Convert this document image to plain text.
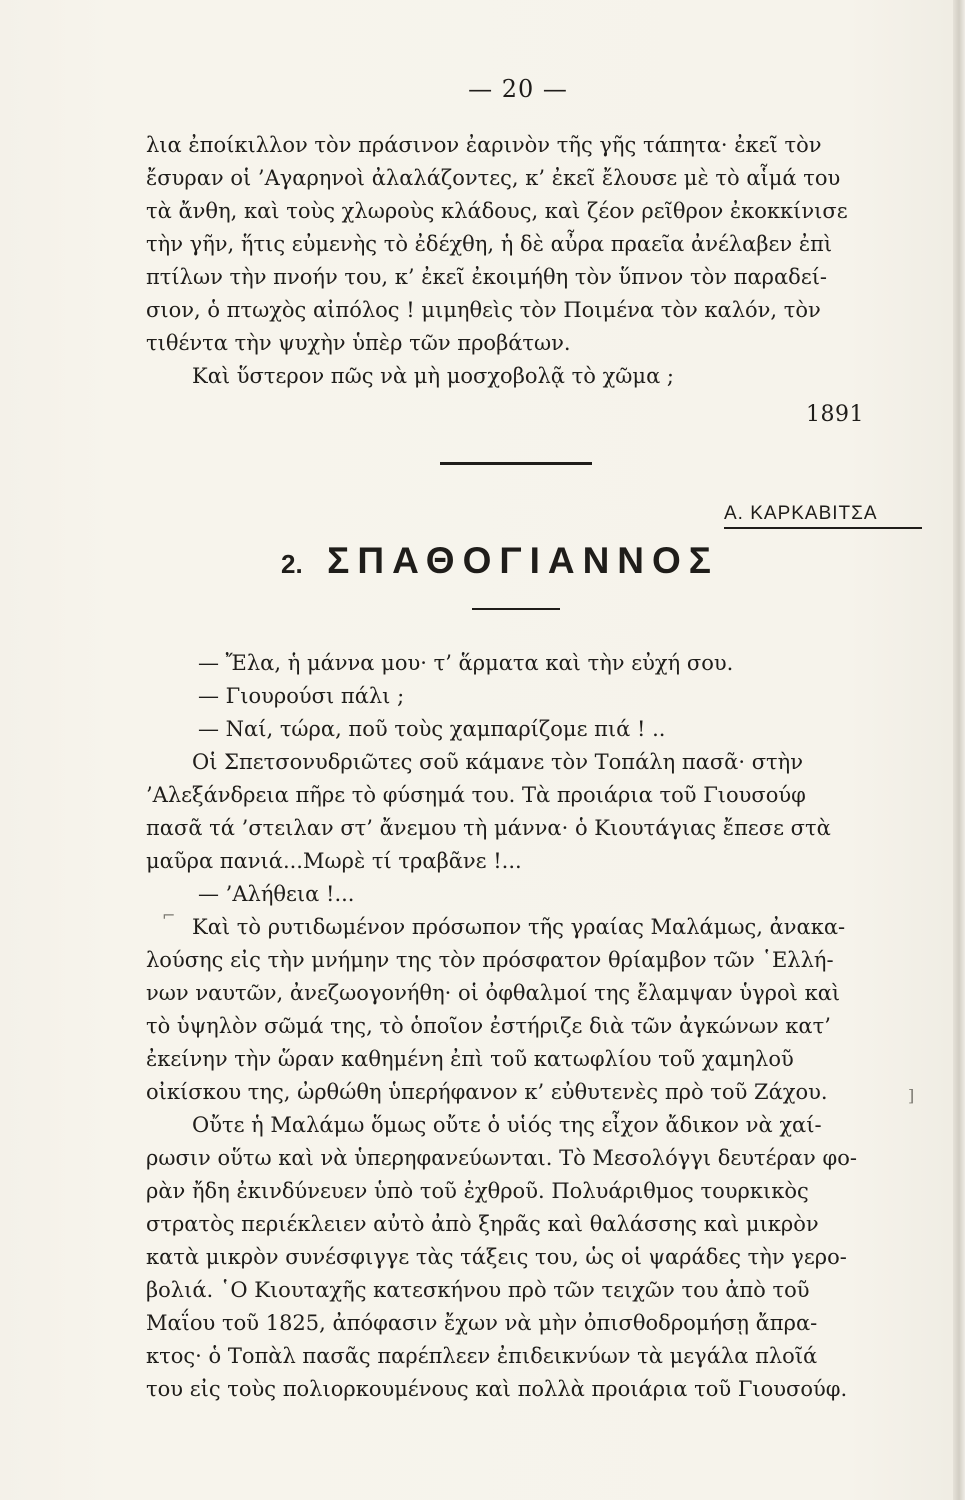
— 20 —
λια ἐποίκιλλον τὸν πράσινον ἐαρινὸν τῆς γῆς τάπητα· ἐκεῖ τὸν
ἔσυραν οἱ ’Αγαρηνοὶ ἀλαλάζοντες, κ’ ἐκεῖ ἔλουσε μὲ τὸ αἷμά του
τὰ ἄνθη, καὶ τοὺς χλωροὺς κλάδους, καὶ ζέον ρεῖθρον ἐκοκκίνισε
τὴν γῆν, ἥτις εὐμενὴς τὸ ἐδέχθη, ἡ δὲ αὖρα πραεῖα ἀνέλαβεν ἐπὶ
πτίλων τὴν πνοήν του, κ’ ἐκεῖ ἐκοιμήθη τὸν ὕπνον τὸν παραδεί-
σιον, ὁ πτωχὸς αἰπόλος ! μιμηθεὶς τὸν Ποιμένα τὸν καλόν, τὸν
τιθέντα τὴν ψυχὴν ὑπὲρ τῶν προβάτων.
Καὶ ὕστερον πῶς νὰ μὴ μοσχοβολᾷ τὸ χῶμα ;
1891
Α. ΚΑΡΚΑΒΙΤΣΑ
2. ΣΠΑΘΟΓΙΑΝΝΟΣ
— Ἔλα, ἡ μάννα μου· τ’ ἅρματα καὶ τὴν εὐχή σου.
— Γιουρούσι πάλι ;
— Ναί, τώρα, ποῦ τοὺς χαμπαρίζομε πιά ! ..
Οἱ Σπετσονυδριῶτες σοῦ κάμανε τὸν Τοπάλη πασᾶ· στὴν
’Αλεξάνδρεια πῆρε τὸ φύσημά του. Τὰ προιάρια τοῦ Γιουσούφ
πασᾶ τά ’στειλαν στ’ ἄνεμου τὴ μάννα· ὁ Κιουτάγιας ἔπεσε στὰ
μαῦρα πανιά...Μωρὲ τί τραβᾶνε !...
— ’Αλήθεια !...
Καὶ τὸ ρυτιδωμένον πρόσωπον τῆς γραίας Μαλάμως, ἀνακα-
λούσης εἰς τὴν μνήμην της τὸν πρόσφατον θρίαμβον τῶν ῾Ελλή-
νων ναυτῶν, ἀνεζωογονήθη· οἱ ὀφθαλμοί της ἔλαμψαν ὑγροὶ καὶ
τὸ ὑψηλὸν σῶμά της, τὸ ὁποῖον ἐστήριζε διὰ τῶν ἀγκώνων κατ’
ἐκείνην τὴν ὥραν καθημένη ἐπὶ τοῦ κατωφλίου τοῦ χαμηλοῦ
οἰκίσκου της, ὠρθώθη ὑπερήφανον κ’ εὐθυτενὲς πρὸ τοῦ Ζάχου.
Οὔτε ἡ Μαλάμω ὅμως οὔτε ὁ υἱός της εἶχον ἄδικον νὰ χαί-
ρωσιν οὕτω καὶ νὰ ὑπερηφανεύωνται. Τὸ Μεσολόγγι δευτέραν φο-
ρὰν ἤδη ἐκινδύνευεν ὑπὸ τοῦ ἐχθροῦ. Πολυάριθμος τουρκικὸς
στρατὸς περιέκλειεν αὐτὸ ἀπὸ ξηρᾶς καὶ θαλάσσης καὶ μικρὸν
κατὰ μικρὸν συνέσφιγγε τὰς τάξεις του, ὡς οἱ ψαράδες τὴν γερο-
βολιά. ῾Ο Κιουταχῆς κατεσκήνου πρὸ τῶν τειχῶν του ἀπὸ τοῦ
Μαΐου τοῦ 1825, ἀπόφασιν ἔχων νὰ μὴν ὀπισθοδρομήσῃ ἄπρα-
κτος· ὁ Τοπὰλ πασᾶς παρέπλεεν ἐπιδεικνύων τὰ μεγάλα πλοῖά
του εἰς τοὺς πολιορκουμένους καὶ πολλὰ προιάρια τοῦ Γιουσούφ.
⌐
]
